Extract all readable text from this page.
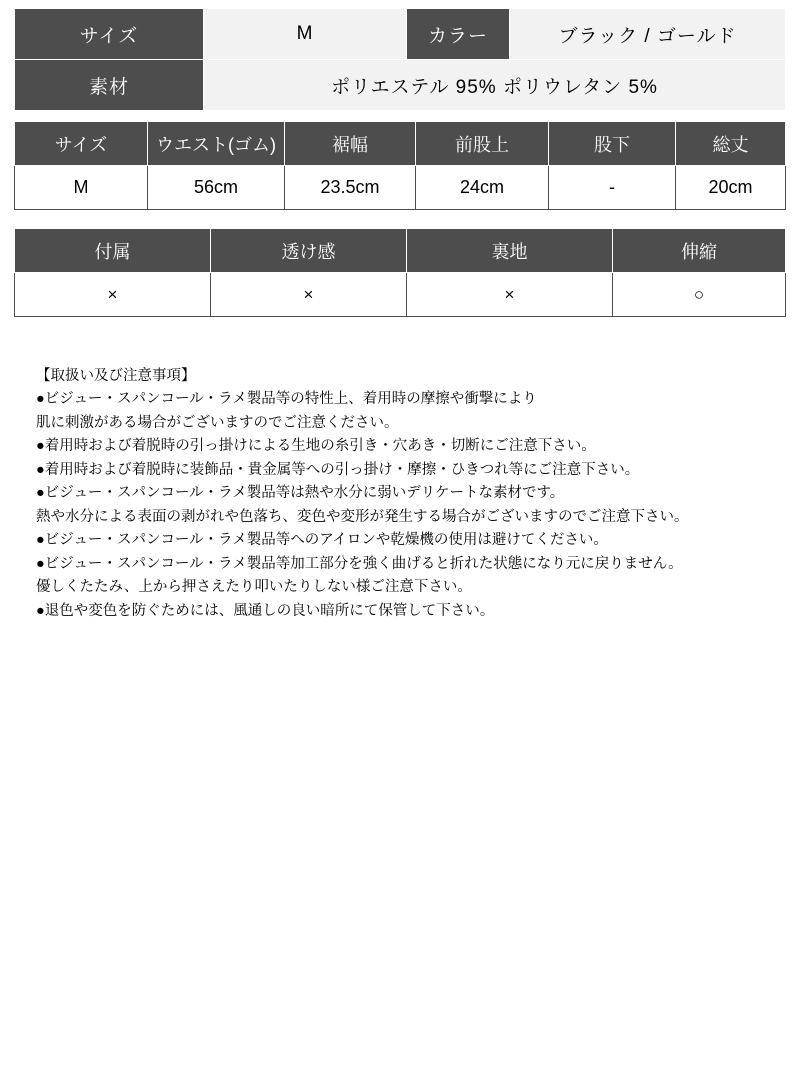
サイズ	M	カラー	ブラック / ゴールド
素材	ポリエステル 95% ポリウレタン 5%		
サイズ	ウエスト(ゴム)	裾幅	前股上	股下	総丈
M	56cm	23.5cm	24cm	-	20cm
付属	透け感	裏地	伸縮
×	×	×	○
【取扱い及び注意事項】
●ビジュー・スパンコール・ラメ製品等の特性上、着用時の摩擦や衝撃により
肌に刺激がある場合がございますのでご注意ください。
●着用時および着脱時の引っ掛けによる生地の糸引き・穴あき・切断にご注意下さい。
●着用時および着脱時に装飾品・貴金属等への引っ掛け・摩擦・ひきつれ等にご注意下さい。
●ビジュー・スパンコール・ラメ製品等は熱や水分に弱いデリケートな素材です。
熱や水分による表面の剥がれや色落ち、変色や変形が発生する場合がございますのでご注意下さい。
●ビジュー・スパンコール・ラメ製品等へのアイロンや乾燥機の使用は避けてください。
●ビジュー・スパンコール・ラメ製品等加工部分を強く曲げると折れた状態になり元に戻りません。
優しくたたみ、上から押さえたり叩いたりしない様ご注意下さい。
●退色や変色を防ぐためには、風通しの良い暗所にて保管して下さい。
